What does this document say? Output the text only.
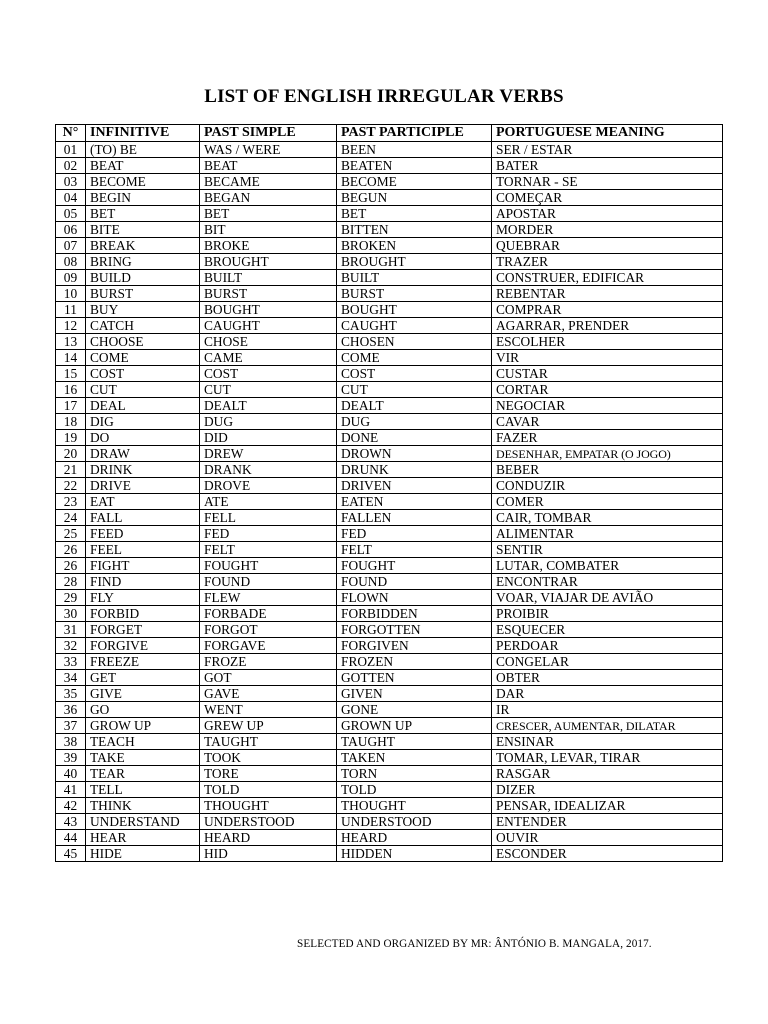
LIST OF ENGLISH IRREGULAR VERBS
N°	INFINITIVE	PAST SIMPLE	PAST PARTICIPLE	PORTUGUESE MEANING
01	(TO) BE	WAS / WERE	BEEN	SER / ESTAR
02	BEAT	BEAT	BEATEN	BATER
03	BECOME	BECAME	BECOME	TORNAR - SE
04	BEGIN	BEGAN	BEGUN	COMEÇAR
05	BET	BET	BET	APOSTAR
06	BITE	BIT	BITTEN	MORDER
07	BREAK	BROKE	BROKEN	QUEBRAR
08	BRING	BROUGHT	BROUGHT	TRAZER
09	BUILD	BUILT	BUILT	CONSTRUER, EDIFICAR
10	BURST	BURST	BURST	REBENTAR
11	BUY	BOUGHT	BOUGHT	COMPRAR
12	CATCH	CAUGHT	CAUGHT	AGARRAR, PRENDER
13	CHOOSE	CHOSE	CHOSEN	ESCOLHER
14	COME	CAME	COME	VIR
15	COST	COST	COST	CUSTAR
16	CUT	CUT	CUT	CORTAR
17	DEAL	DEALT	DEALT	NEGOCIAR
18	DIG	DUG	DUG	CAVAR
19	DO	DID	DONE	FAZER
20	DRAW	DREW	DROWN	DESENHAR, EMPATAR (O JOGO)
21	DRINK	DRANK	DRUNK	BEBER
22	DRIVE	DROVE	DRIVEN	CONDUZIR
23	EAT	ATE	EATEN	COMER
24	FALL	FELL	FALLEN	CAIR, TOMBAR
25	FEED	FED	FED	ALIMENTAR
26	FEEL	FELT	FELT	SENTIR
26	FIGHT	FOUGHT	FOUGHT	LUTAR, COMBATER
28	FIND	FOUND	FOUND	ENCONTRAR
29	FLY	FLEW	FLOWN	VOAR, VIAJAR DE AVIÃO
30	FORBID	FORBADE	FORBIDDEN	PROIBIR
31	FORGET	FORGOT	FORGOTTEN	ESQUECER
32	FORGIVE	FORGAVE	FORGIVEN	PERDOAR
33	FREEZE	FROZE	FROZEN	CONGELAR
34	GET	GOT	GOTTEN	OBTER
35	GIVE	GAVE	GIVEN	DAR
36	GO	WENT	GONE	IR
37	GROW UP	GREW UP	GROWN UP	CRESCER, AUMENTAR, DILATAR
38	TEACH	TAUGHT	TAUGHT	ENSINAR
39	TAKE	TOOK	TAKEN	TOMAR, LEVAR, TIRAR
40	TEAR	TORE	TORN	RASGAR
41	TELL	TOLD	TOLD	DIZER
42	THINK	THOUGHT	THOUGHT	PENSAR, IDEALIZAR
43	UNDERSTAND	UNDERSTOOD	UNDERSTOOD	ENTENDER
44	HEAR	HEARD	HEARD	OUVIR
45	HIDE	HID	HIDDEN	ESCONDER
SELECTED AND ORGANIZED BY MR: ÂNTÓNIO B. MANGALA, 2017.
